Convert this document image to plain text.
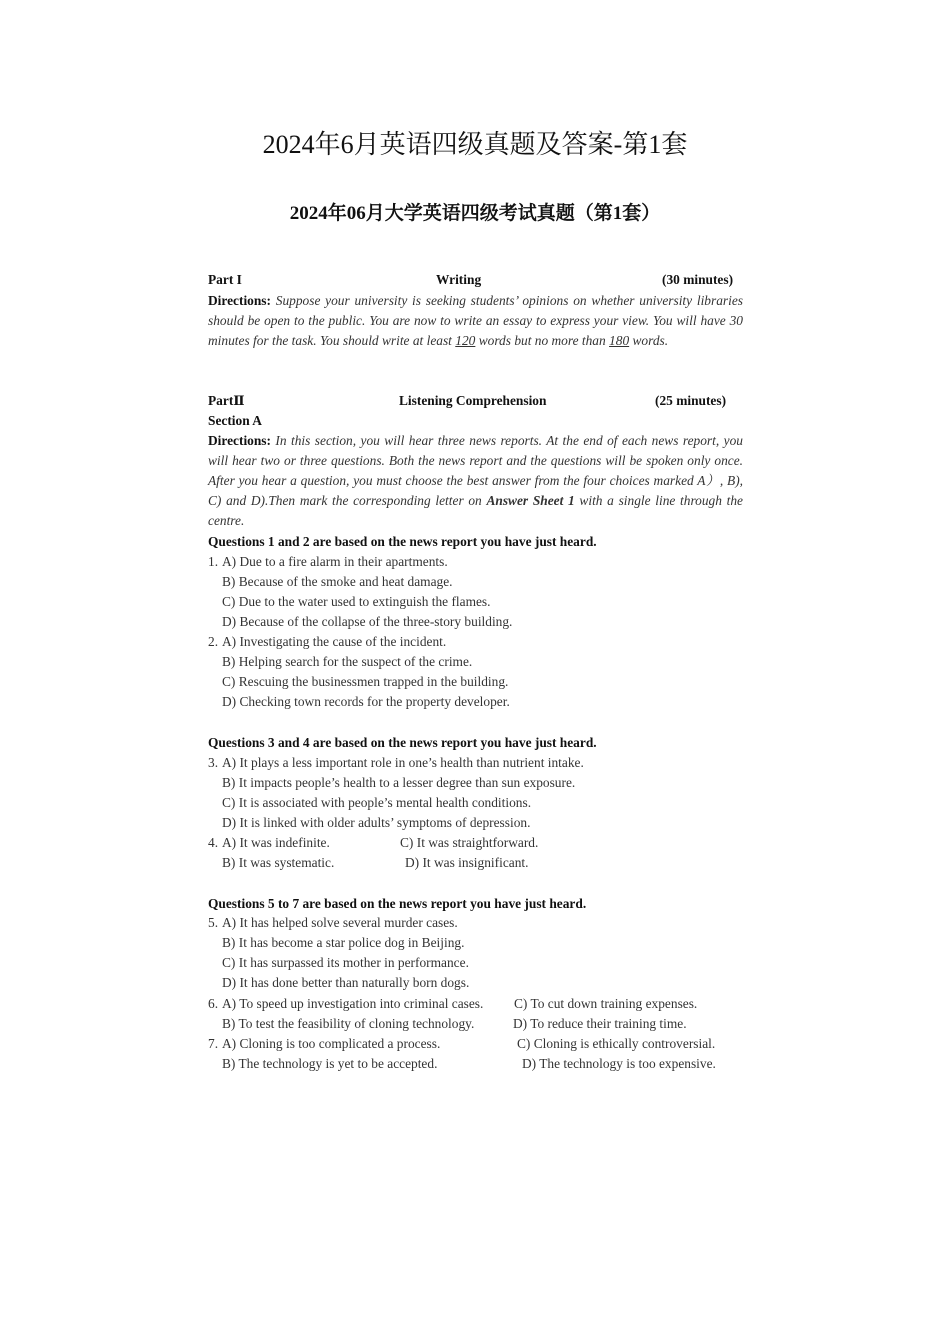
2024年6月英语四级真题及答案-第1套
2024年06月大学英语四级考试真题（第1套）
Part I	Writing	(30 minutes)
Directions: Suppose your university is seeking students’ opinions on whether university libraries should be open to the public. You are now to write an essay to express your view. You will have 30 minutes for the task. You should write at least 120 words but no more than 180 words.
PartⅡ	Listening Comprehension	(25 minutes)
Section A
Directions: In this section, you will hear three news reports. At the end of each news report, you will hear two or three questions. Both the news report and the questions will be spoken only once. After you hear a question, you must choose the best answer from the four choices marked A）, B), C) and D).Then mark the corresponding letter on Answer Sheet 1 with a single line through the centre.
Questions 1 and 2 are based on the news report you have just heard.
1. A) Due to a fire alarm in their apartments.
B) Because of the smoke and heat damage.
C) Due to the water used to extinguish the flames.
D) Because of the collapse of the three-story building.
2. A) Investigating the cause of the incident.
B) Helping search for the suspect of the crime.
C) Rescuing the businessmen trapped in the building.
D) Checking town records for the property developer.
Questions 3 and 4 are based on the news report you have just heard.
3. A) It plays a less important role in one’s health than nutrient intake.
B) It impacts people’s health to a lesser degree than sun exposure.
C) It is associated with people’s mental health conditions.
D) It is linked with older adults’ symptoms of depression.
4. A) It was indefinite.	C) It was straightforward.
B) It was systematic.	D) It was insignificant.
Questions 5 to 7 are based on the news report you have just heard.
5. A) It has helped solve several murder cases.
B) It has become a star police dog in Beijing.
C) It has surpassed its mother in performance.
D) It has done better than naturally born dogs.
6. A) To speed up investigation into criminal cases. C) To cut down training expenses.
B) To test the feasibility of cloning technology.	D) To reduce their training time.
7. A) Cloning is too complicated a process.	C) Cloning is ethically controversial.
B) The technology is yet to be accepted.	D) The technology is too expensive.
